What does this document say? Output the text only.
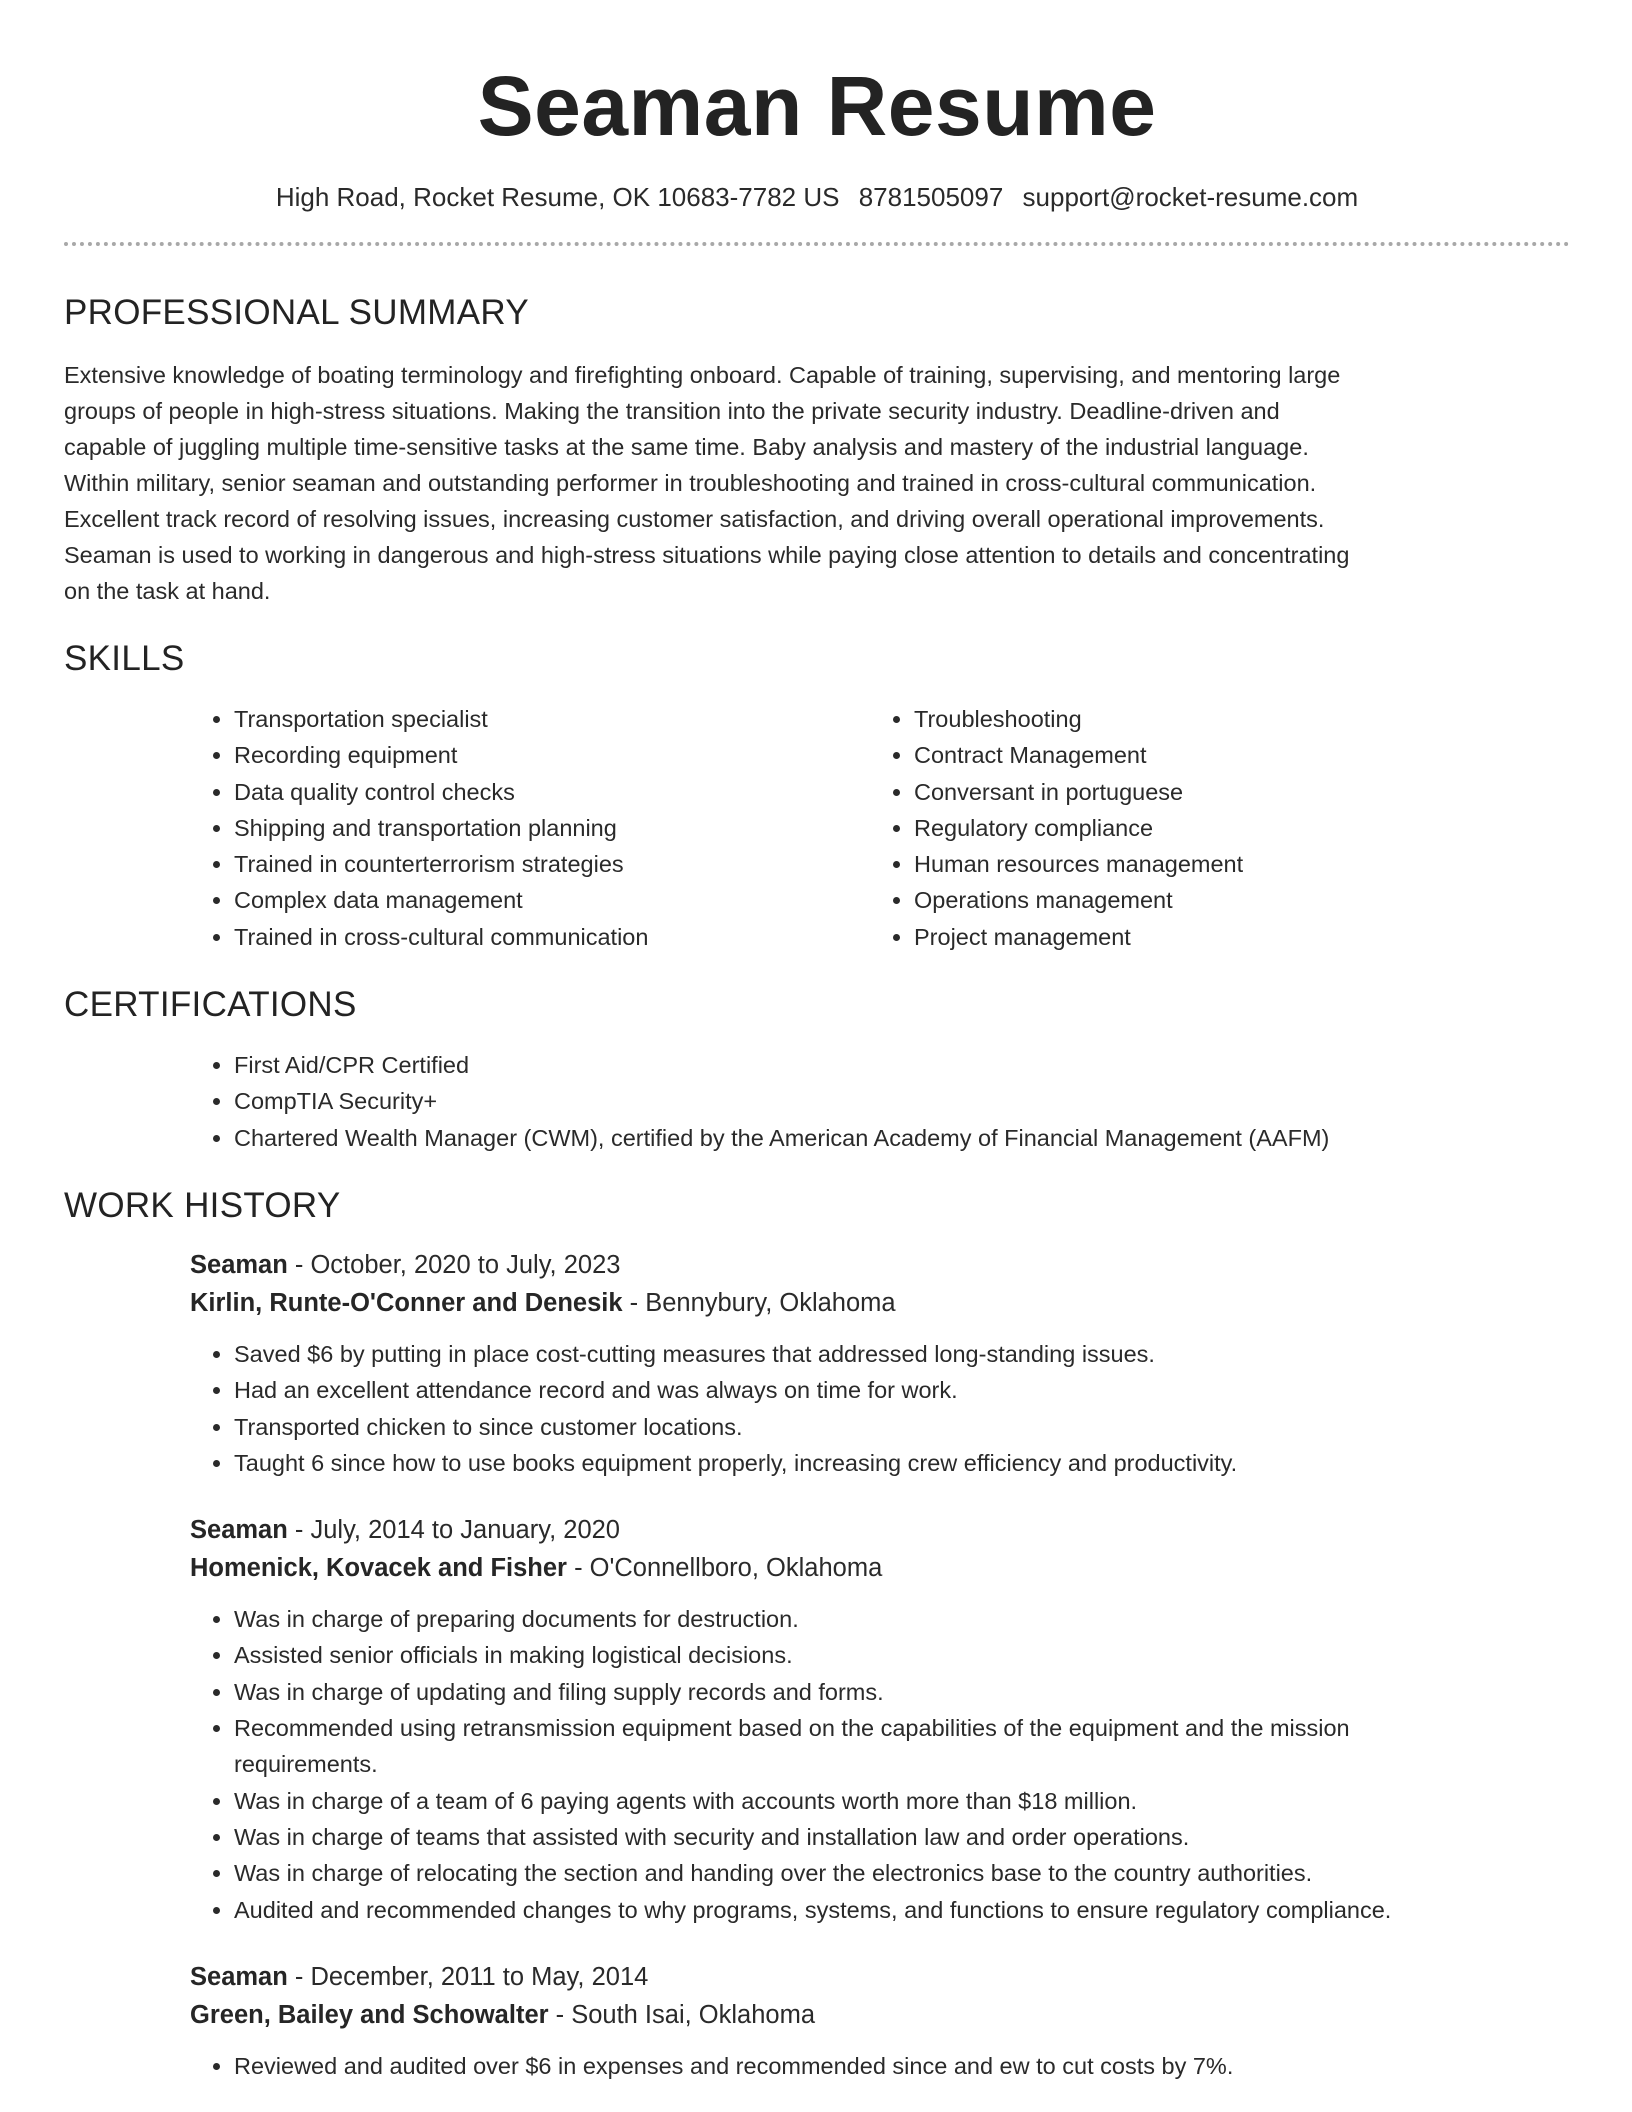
Seaman Resume
High Road, Rocket Resume, OK 10683-7782 US 8781505097 support@rocket-resume.com
PROFESSIONAL SUMMARY
Extensive knowledge of boating terminology and firefighting onboard. Capable of training, supervising, and mentoring large
groups of people in high-stress situations. Making the transition into the private security industry. Deadline-driven and
capable of juggling multiple time-sensitive tasks at the same time. Baby analysis and mastery of the industrial language.
Within military, senior seaman and outstanding performer in troubleshooting and trained in cross-cultural communication.
Excellent track record of resolving issues, increasing customer satisfaction, and driving overall operational improvements.
Seaman is used to working in dangerous and high-stress situations while paying close attention to details and concentrating
on the task at hand.
SKILLS
• Transportation specialist
• Recording equipment
• Data quality control checks
• Shipping and transportation planning
• Trained in counterterrorism strategies
• Complex data management
• Trained in cross-cultural communication
• Troubleshooting
• Contract Management
• Conversant in portuguese
• Regulatory compliance
• Human resources management
• Operations management
• Project management
CERTIFICATIONS
• First Aid/CPR Certified
• CompTIA Security+
• Chartered Wealth Manager (CWM), certified by the American Academy of Financial Management (AAFM)
WORK HISTORY
Seaman - October, 2020 to July, 2023
Kirlin, Runte-O'Conner and Denesik - Bennybury, Oklahoma
• Saved $6 by putting in place cost-cutting measures that addressed long-standing issues.
• Had an excellent attendance record and was always on time for work.
• Transported chicken to since customer locations.
• Taught 6 since how to use books equipment properly, increasing crew efficiency and productivity.
Seaman - July, 2014 to January, 2020
Homenick, Kovacek and Fisher - O'Connellboro, Oklahoma
• Was in charge of preparing documents for destruction.
• Assisted senior officials in making logistical decisions.
• Was in charge of updating and filing supply records and forms.
• Recommended using retransmission equipment based on the capabilities of the equipment and the mission requirements.
• Was in charge of a team of 6 paying agents with accounts worth more than $18 million.
• Was in charge of teams that assisted with security and installation law and order operations.
• Was in charge of relocating the section and handing over the electronics base to the country authorities.
• Audited and recommended changes to why programs, systems, and functions to ensure regulatory compliance.
Seaman - December, 2011 to May, 2014
Green, Bailey and Schowalter - South Isai, Oklahoma
• Reviewed and audited over $6 in expenses and recommended since and ew to cut costs by 7%.
